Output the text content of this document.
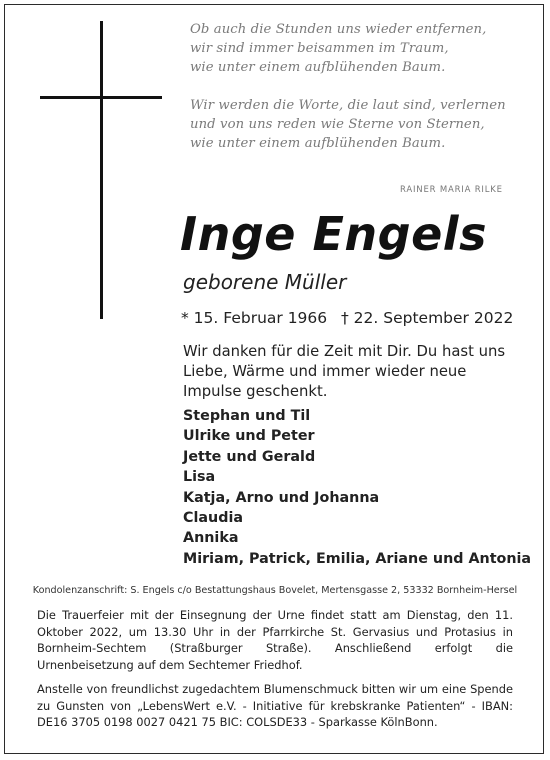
Ob auch die Stunden uns wieder entfernen,
wir sind immer beisammen im Traum,
wie unter einem aufblühenden Baum.
Wir werden die Worte, die laut sind, verlernen
und von uns reden wie Sterne von Sternen,
wie unter einem aufblühenden Baum.
RAINER MARIA RILKE
Inge Engels
geborene Müller
* 15. Februar 1966 † 22. September 2022
Wir danken für die Zeit mit Dir. Du hast uns Liebe, Wärme und immer wieder neue Impulse geschenkt.
Stephan und Til
Ulrike und Peter
Jette und Gerald
Lisa
Katja, Arno und Johanna
Claudia
Annika
Miriam, Patrick, Emilia, Ariane und Antonia
Kondolenzanschrift: S. Engels c/o Bestattungshaus Bovelet, Mertensgasse 2, 53332 Bornheim-Hersel
Die Trauerfeier mit der Einsegnung der Urne findet statt am Dienstag, den 11. Oktober 2022, um 13.30 Uhr in der Pfarrkirche St. Gervasius und Protasius in Bornheim-Sechtem (Straßburger Straße). Anschließend erfolgt die Urnenbeisetzung auf dem Sechtemer Friedhof.
Anstelle von freundlichst zugedachtem Blumenschmuck bitten wir um eine Spende zu Gunsten von „LebensWert e.V. - Initiative für krebskranke Patienten“ - IBAN: DE16 3705 0198 0027 0421 75 BIC: COLSDE33 - Sparkasse KölnBonn.
